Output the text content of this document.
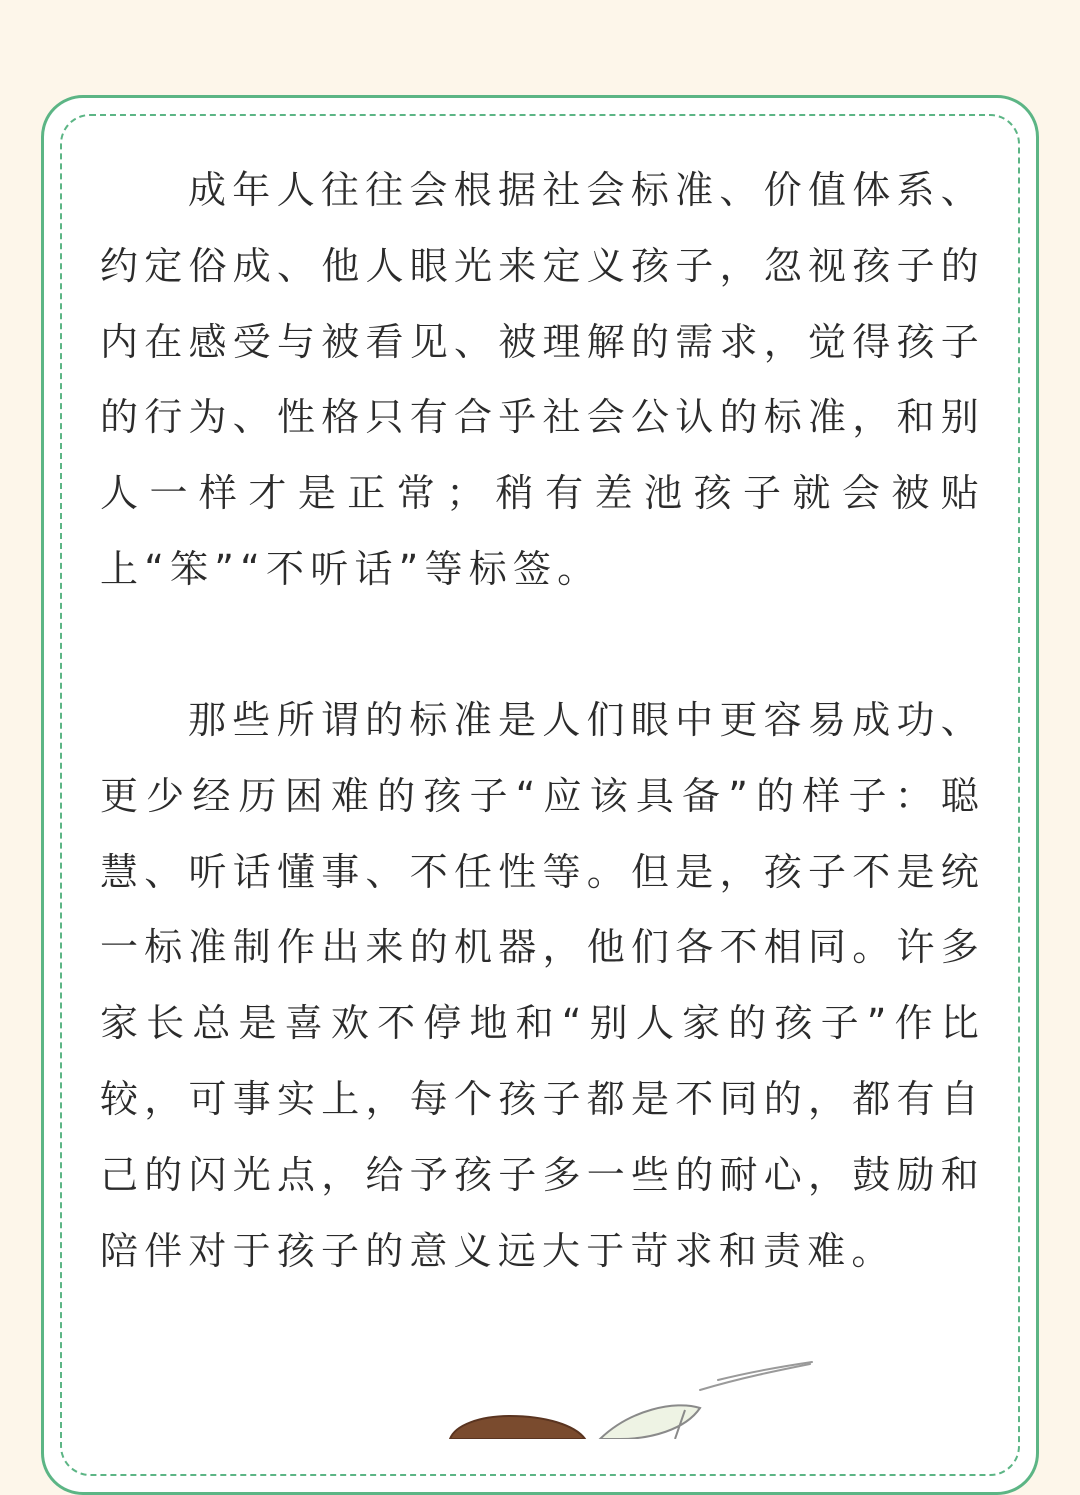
成年人往往会根据社会标准、价值体系、约定俗成、他人眼光来定义孩子，忽视孩子的内在感受与被看见、被理解的需求，觉得孩子的行为、性格只有合乎社会公认的标准，和别人一样才是正常；稍有差池孩子就会被贴上“笨”“不听话”等标签。

那些所谓的标准是人们眼中更容易成功、更少经历困难的孩子“应该具备”的样子：聪慧、听话懂事、不任性等。但是，孩子不是统一标准制作出来的机器，他们各不相同。许多家长总是喜欢不停地和“别人家的孩子”作比较，可事实上，每个孩子都是不同的，都有自己的闪光点，给予孩子多一些的耐心，鼓励和陪伴对于孩子的意义远大于苛求和责难。
